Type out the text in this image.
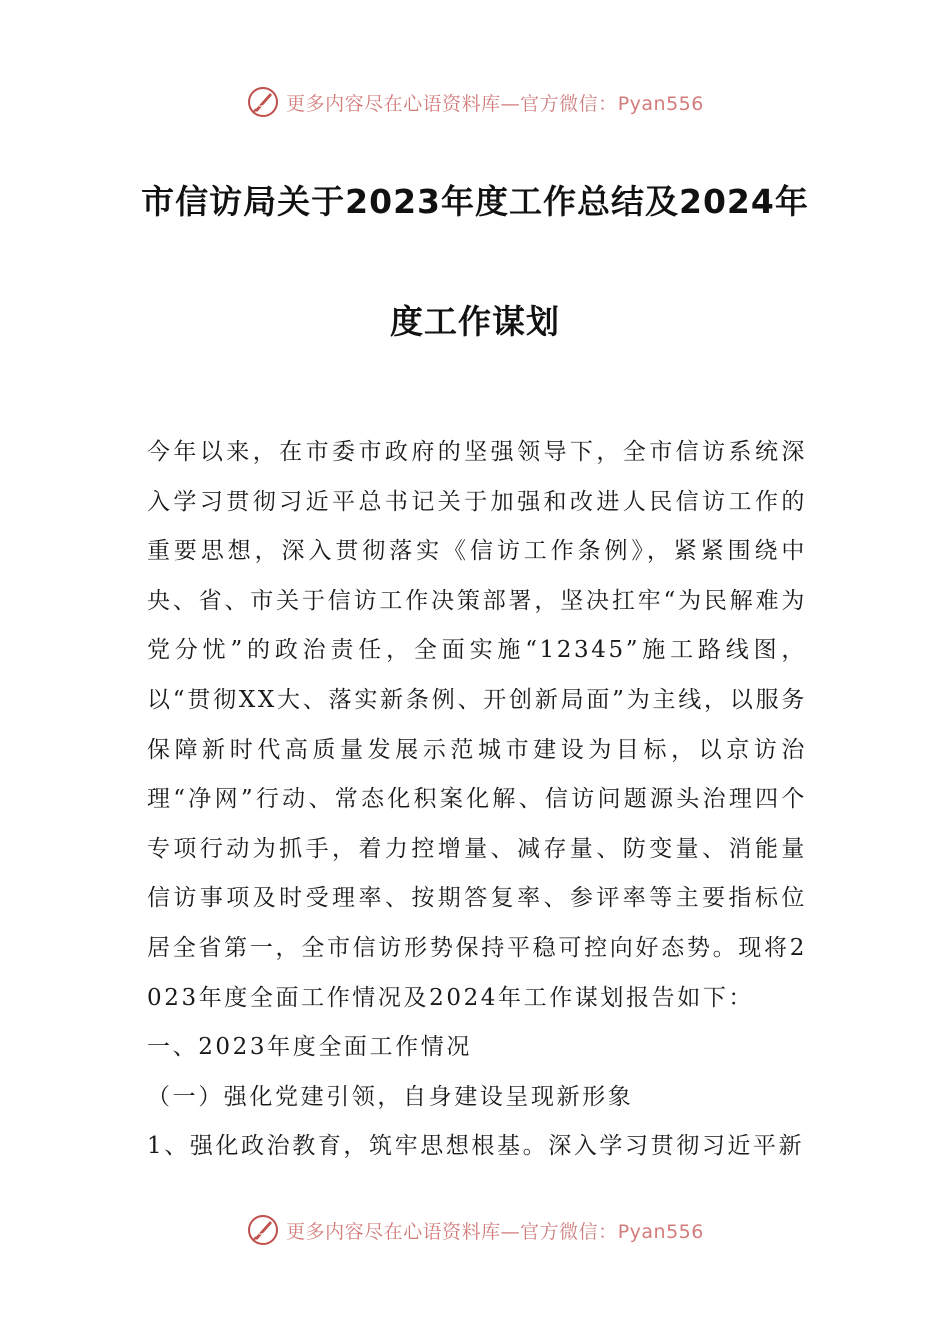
更多内容尽在心语资料库—官方微信：Pyan556
市信访局关于2023年度工作总结及2024年
度工作谋划

今年以来，在市委市政府的坚强领导下，全市信访系统深入学习贯彻习近平总书记关于加强和改进人民信访工作的重要思想，深入贯彻落实《信访工作条例》，紧紧围绕中央、省、市关于信访工作决策部署，坚决扛牢“为民解难为党分忧”的政治责任，全面实施“12345”施工路线图，以“贯彻XX大、落实新条例、开创新局面”为主线，以服务保障新时代高质量发展示范城市建设为目标，以京访治理“净网”行动、常态化积案化解、信访问题源头治理四个专项行动为抓手，着力控增量、减存量、防变量、消能量信访事项及时受理率、按期答复率、参评率等主要指标位居全省第一，全市信访形势保持平稳可控向好态势。现将2023年度全面工作情况及2024年工作谋划报告如下：

一、2023年度全面工作情况

（一）强化党建引领，自身建设呈现新形象

1、强化政治教育，筑牢思想根基。深入学习贯彻习近平新

更多内容尽在心语资料库—官方微信：Pyan556
